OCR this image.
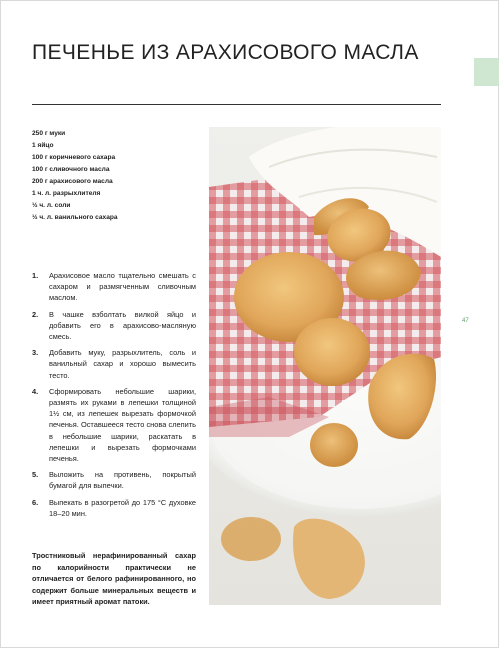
ПЕЧЕНЬЕ ИЗ АРАХИСОВОГО МАСЛА
250 г муки
1 яйцо
100 г коричневого сахара
100 г сливочного масла
200 г арахисового масла
1 ч. л. разрыхлителя
½ ч. л. соли
½ ч. л. ванильного сахара
1. Арахисовое масло тщательно смешать с сахаром и размягченным сливочным маслом.
2. В чашке взболтать вилкой яйцо и добавить его в арахисово-масляную смесь.
3. Добавить муку, разрыхлитель, соль и ванильный сахар и хорошо вымесить тесто.
4. Сформировать небольшие шарики, размять их руками в лепешки толщиной 1½ см, из лепешек вырезать формочкой печенья. Оставшееся тесто снова слепить в небольшие шарики, раскатать в лепешки и вырезать формочками печенья.
5. Выложить на противень, покрытый бумагой для выпечки.
6. Выпекать в разогретой до 175 °C духовке 18–20 мин.

Тростниковый нерафинированный сахар по калорийности практически не отличается от белого рафинированного, но содержит больше минеральных веществ и имеет приятный аромат патоки.

47
